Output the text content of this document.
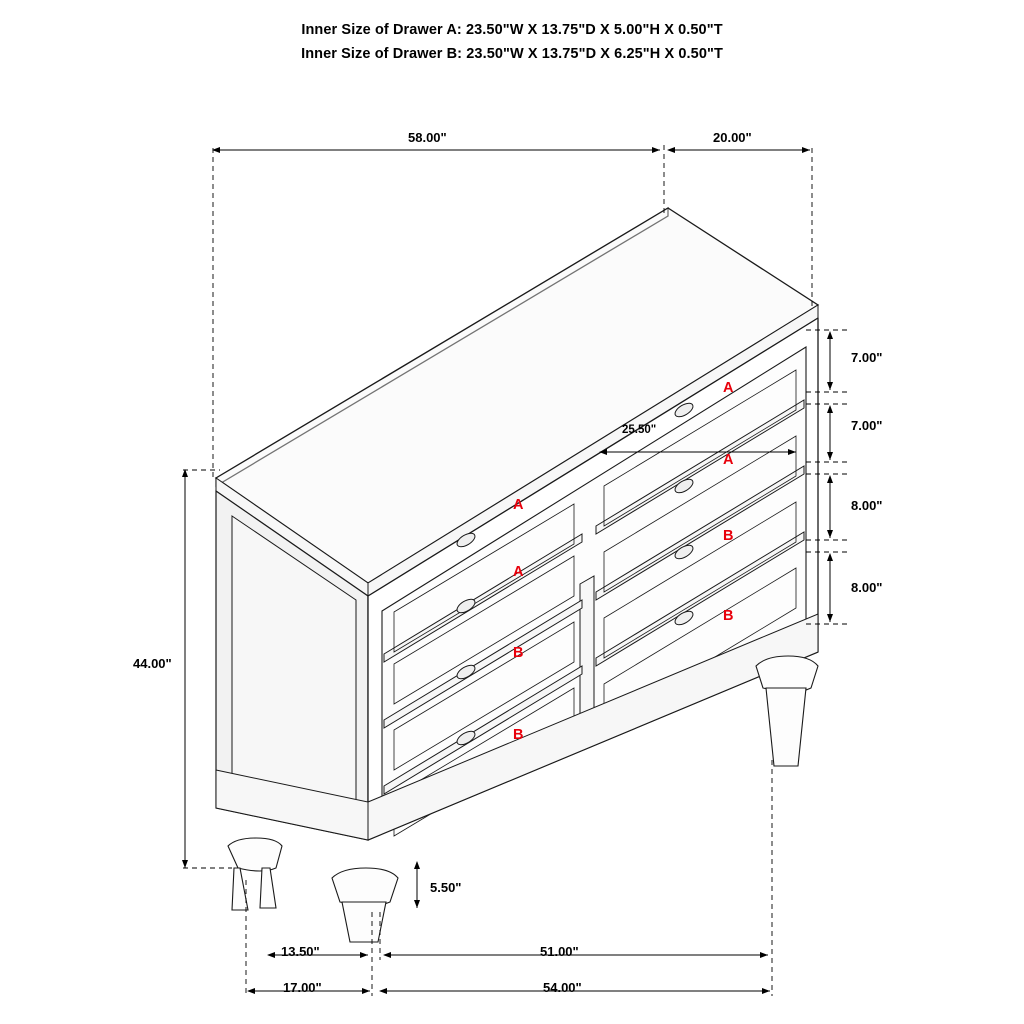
Inner Size of Drawer A: 23.50"W X 13.75"D X 5.00"H X 0.50"T
Inner Size of Drawer B: 23.50"W X 13.75"D X 6.25"H X 0.50"T
58.00"	20.00"
44.00"
25.50"
7.00"
7.00"
8.00"
8.00"
5.50"
13.50"	51.00"
17.00"	54.00"
A
A
B
B
A
A
B
B
